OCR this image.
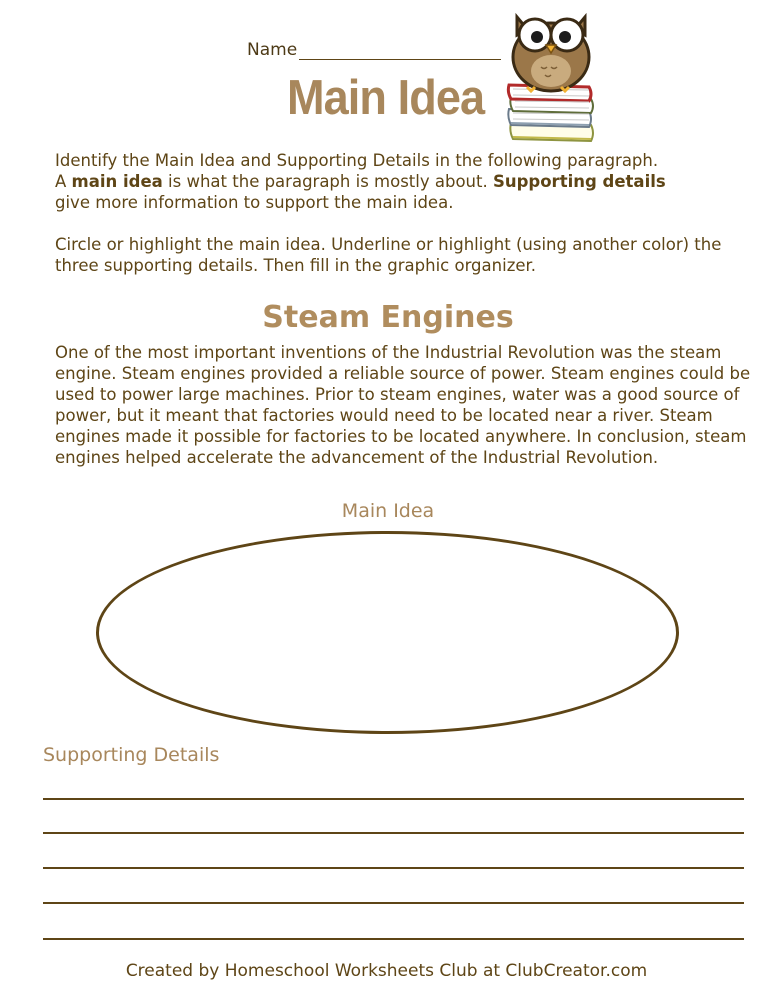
Name
Main Idea
Identify the Main Idea and Supporting Details in the following paragraph.
A main idea is what the paragraph is mostly about. Supporting details
give more information to support the main idea.
Circle or highlight the main idea. Underline or highlight (using another color) the three supporting details. Then fill in the graphic organizer.
Steam Engines
One of the most important inventions of the Industrial Revolution was the steam engine. Steam engines provided a reliable source of power. Steam engines could be used to power large machines. Prior to steam engines, water was a good source of power, but it meant that factories would need to be located near a river. Steam engines made it possible for factories to be located anywhere. In conclusion, steam engines helped accelerate the advancement of the Industrial Revolution.
Main Idea
Supporting Details
Created by Homeschool Worksheets Club at ClubCreator.com
